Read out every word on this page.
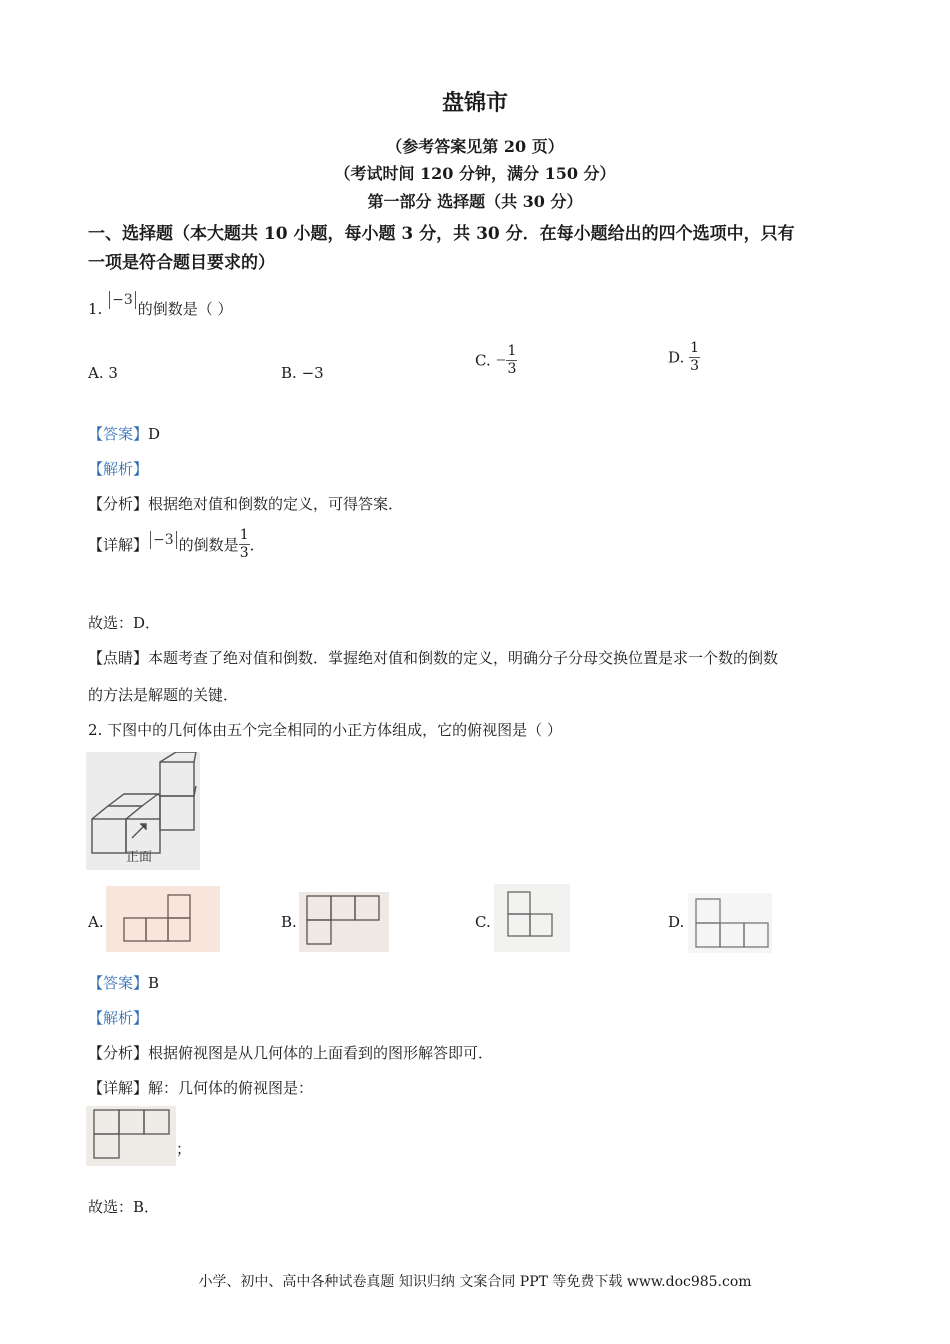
盘锦市
（参考答案见第 20 页）
（考试时间 120 分钟，满分 150 分）
第一部分 选择题（共 30 分）
一、选择题（本大题共 10 小题，每小题 3 分，共 30 分．在每小题给出的四个选项中，只有
一项是符合题目要求的）
1. −3 的倒数是（ ）
A. 3	B. −3
C. − $\frac{1}{3}$	D. $\frac{1}{3}$
【答案】D
【解析】
【分析】根据绝对值和倒数的定义，可得答案．
【详解】 −3 的倒数是 $\frac{1}{3}$ ．
故选：D．
【点睛】本题考查了绝对值和倒数．掌握绝对值和倒数的定义，明确分子分母交换位置是求一个数的倒数
的方法是解题的关键．
2. 下图中的几何体由五个完全相同的小正方体组成，它的俯视图是（ ）
正面
A.	B.	C.	D.
【答案】B
【解析】
【分析】根据俯视图是从几何体的上面看到的图形解答即可．
【详解】解：几何体的俯视图是：
；
故选：B．
小学、初中、高中各种试卷真题 知识归纳 文案合同 PPT 等免费下载 www.doc985.com
